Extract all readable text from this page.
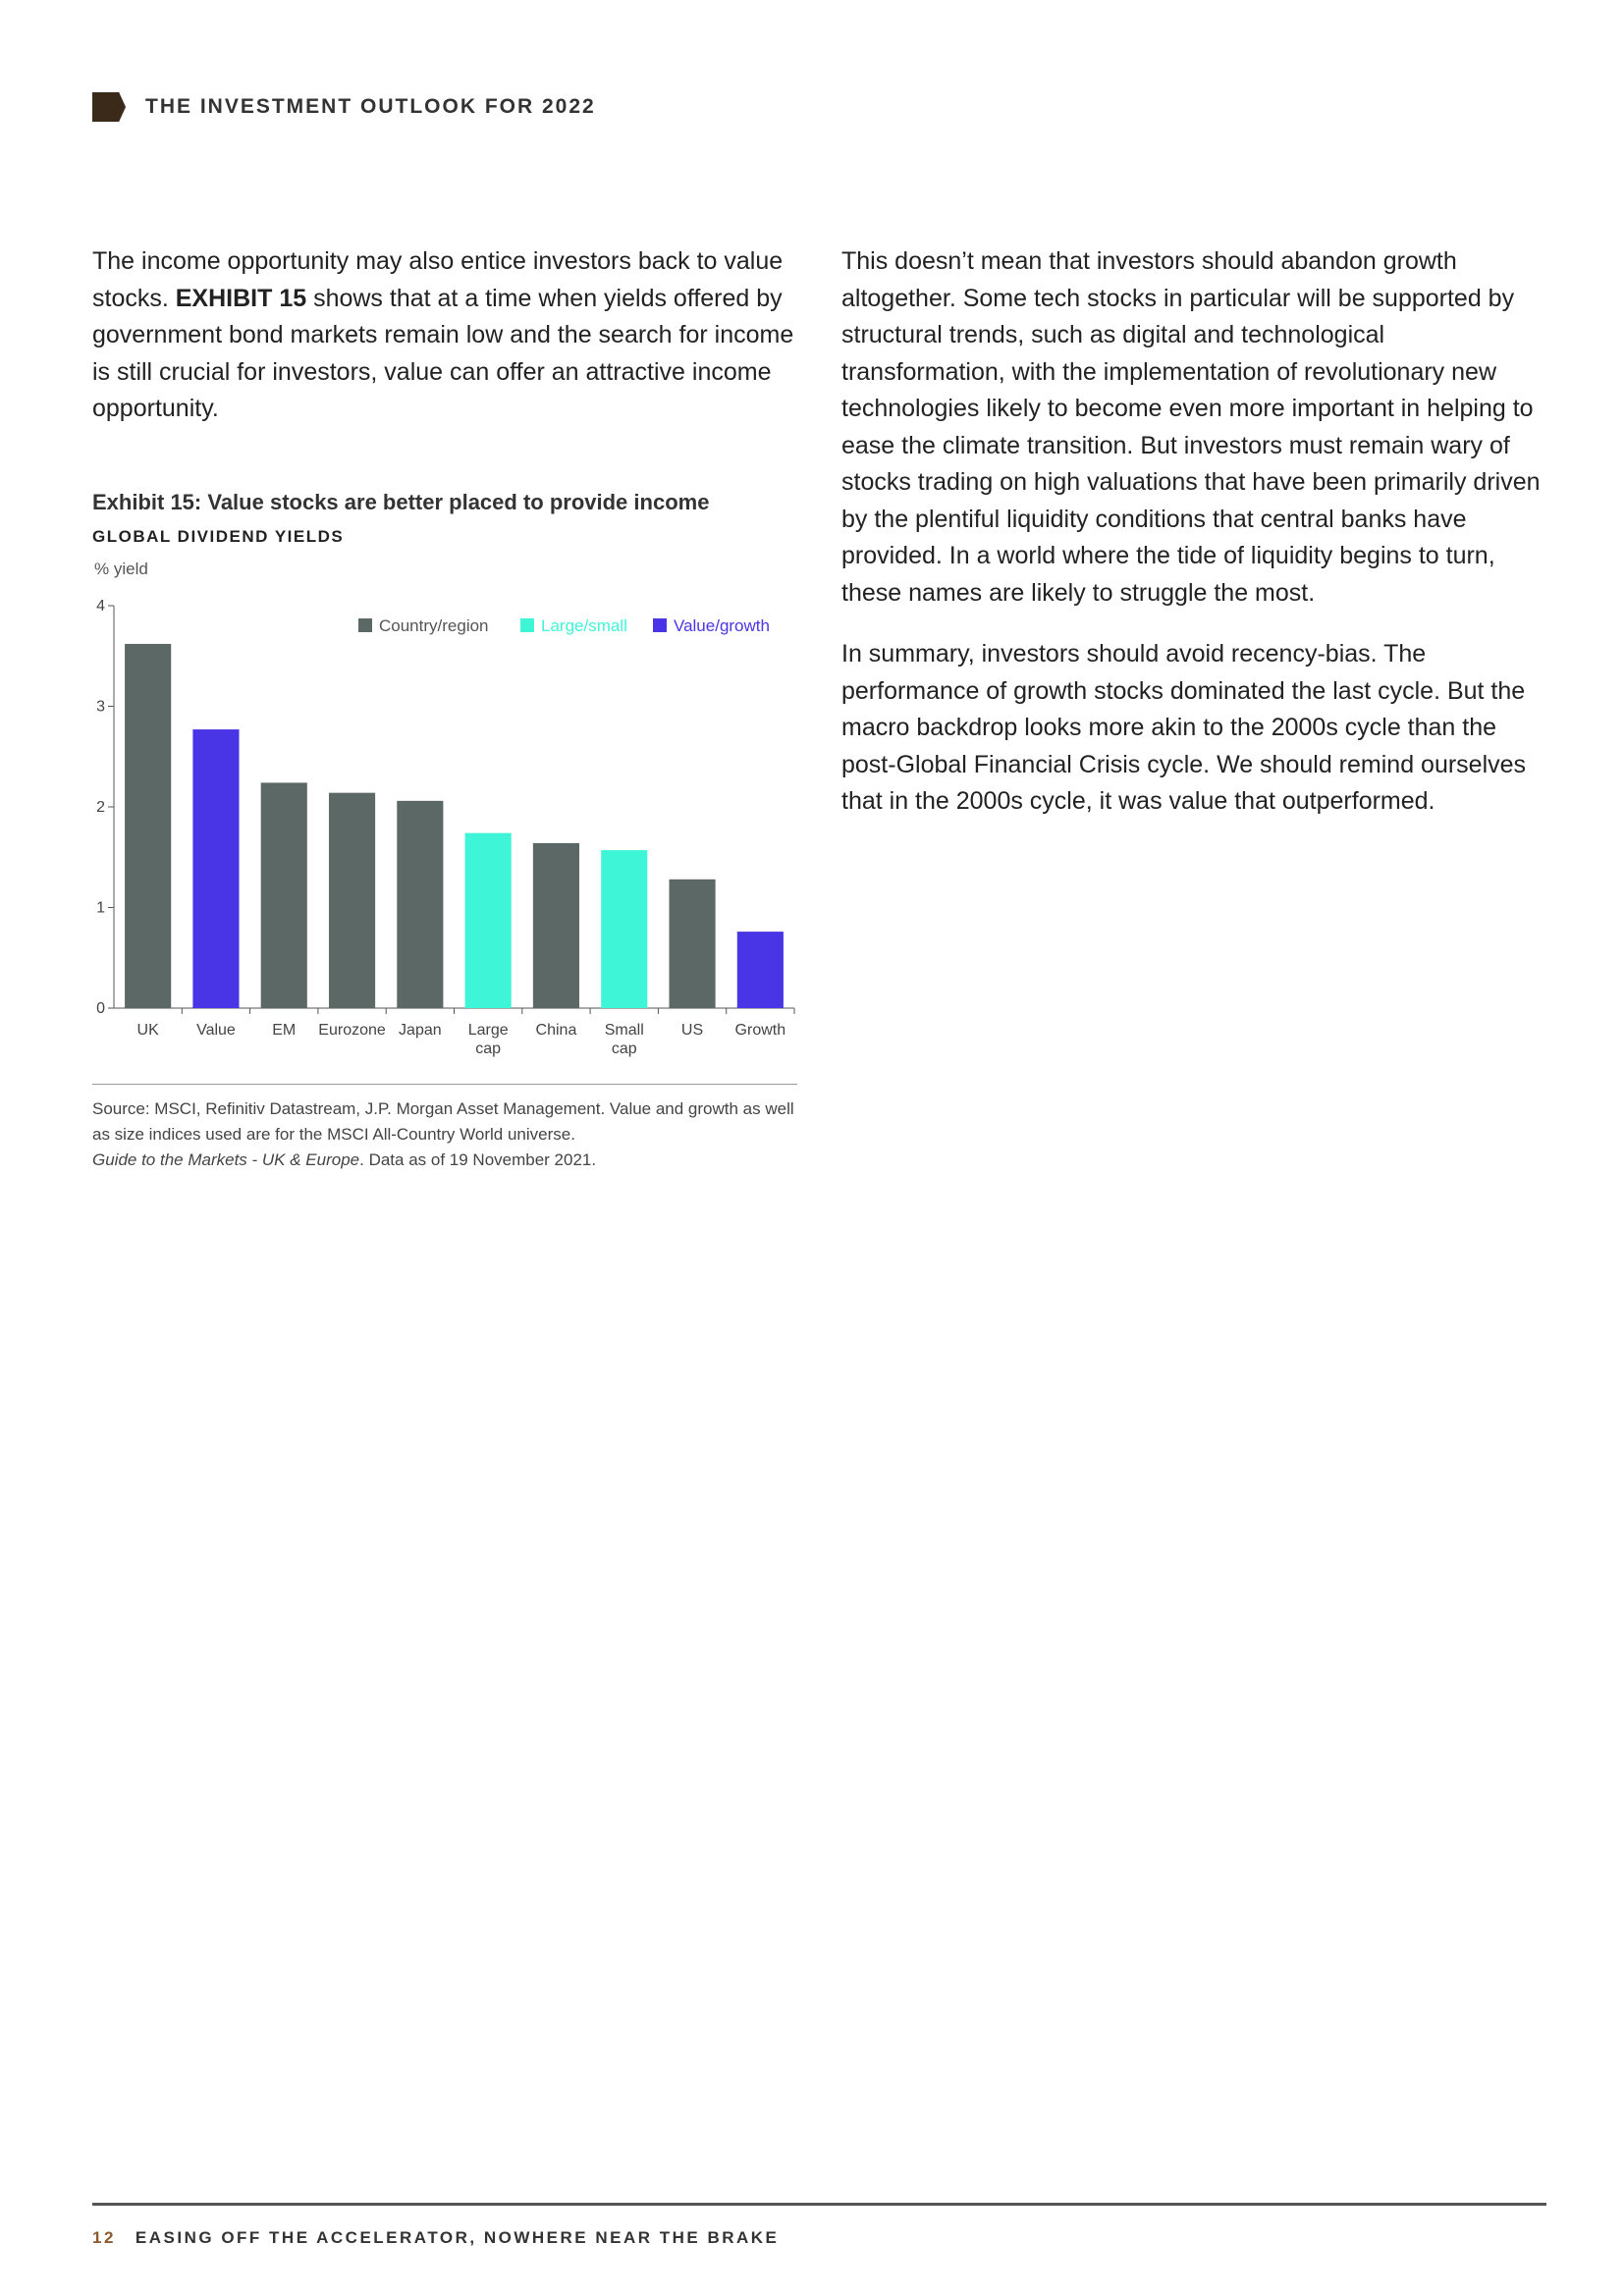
THE INVESTMENT OUTLOOK FOR 2022

The income opportunity may also entice investors back to value stocks. EXHIBIT 15 shows that at a time when yields offered by government bond markets remain low and the search for income is still crucial for investors, value can offer an attractive income opportunity.

Exhibit 15: Value stocks are better placed to provide income
GLOBAL DIVIDEND YIELDS
% yield
0
1
2
3
4
UK Value EM Eurozone Japan Large
cap
China Small
cap
US Growth
Country/region	Large/small	Value/growth
Source: MSCI, Refinitiv Datastream, J.P. Morgan Asset Management. Value and growth as well as size indices used are for the MSCI All-Country World universe.
Guide to the Markets - UK & Europe. Data as of 19 November 2021.

This doesn’t mean that investors should abandon growth altogether. Some tech stocks in particular will be supported by structural trends, such as digital and technological transformation, with the implementation of revolutionary new technologies likely to become even more important in helping to ease the climate transition. But investors must remain wary of stocks trading on high valuations that have been primarily driven by the plentiful liquidity conditions that central banks have provided. In a world where the tide of liquidity begins to turn, these names are likely to struggle the most.

In summary, investors should avoid recency-bias. The performance of growth stocks dominated the last cycle. But the macro backdrop looks more akin to the 2000s cycle than the post-Global Financial Crisis cycle. We should remind ourselves that in the 2000s cycle, it was value that outperformed.

12 EASING OFF THE ACCELERATOR, NOWHERE NEAR THE BRAKE
